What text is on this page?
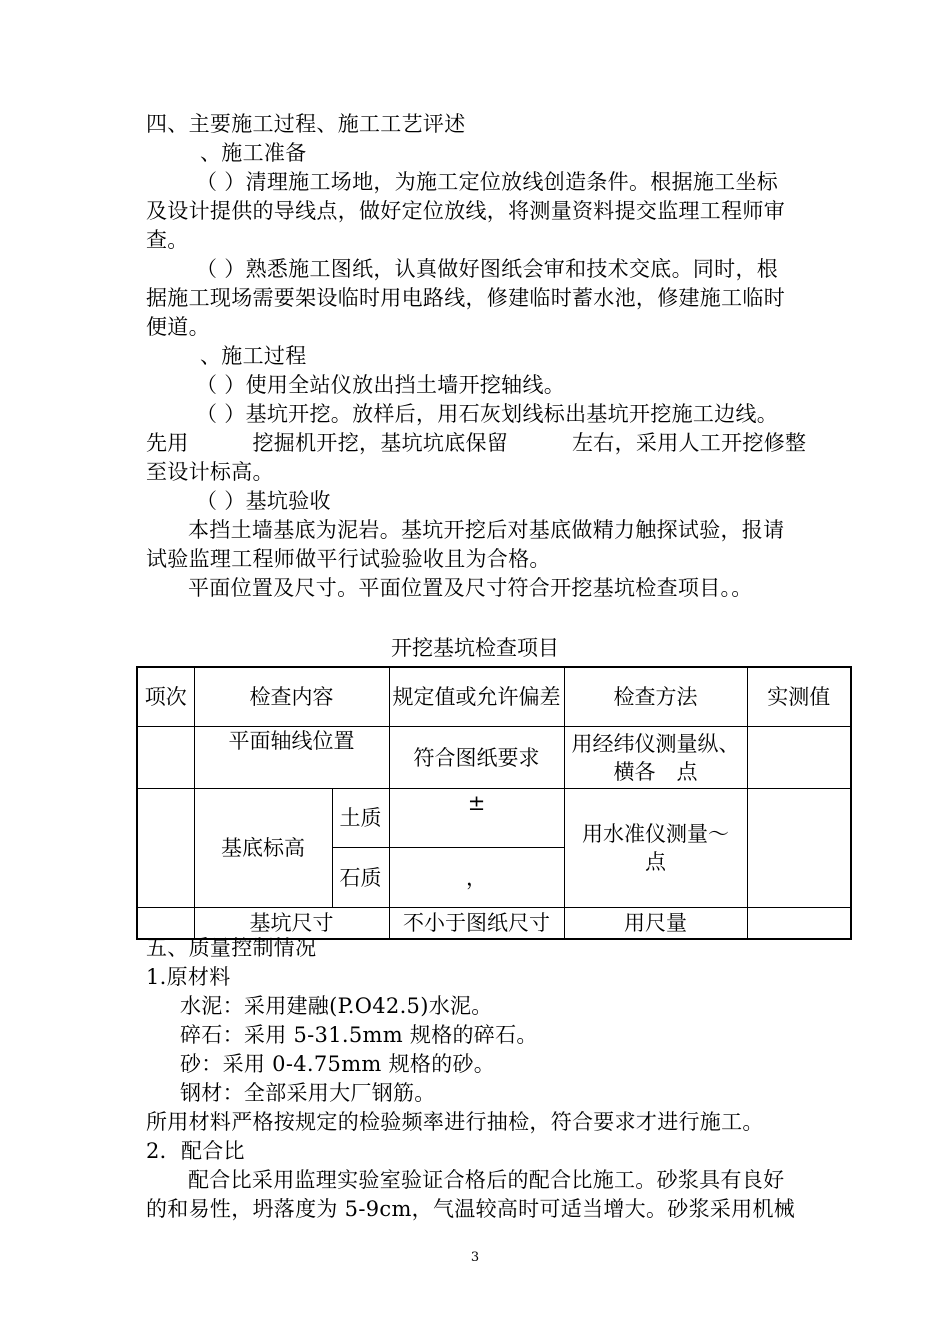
四、主要施工过程、施工工艺评述
、施工准备
（ ）清理施工场地，为施工定位放线创造条件。根据施工坐标
及设计提供的导线点，做好定位放线，将测量资料提交监理工程师审
查。
（ ）熟悉施工图纸，认真做好图纸会审和技术交底。同时，根
据施工现场需要架设临时用电路线，修建临时蓄水池，修建施工临时
便道。
、施工过程
（ ）使用全站仪放出挡土墙开挖轴线。
（ ）基坑开挖。放样后，用石灰划线标出基坑开挖施工边线。
先用　　　挖掘机开挖，基坑坑底保留　　　左右，采用人工开挖修整
至设计标高。
（ ）基坑验收
本挡土墙基底为泥岩。基坑开挖后对基底做精力触探试验，报请
试验监理工程师做平行试验验收且为合格。
平面位置及尺寸。平面位置及尺寸符合开挖基坑检查项目。。
开挖基坑检查项目
项次	检查内容		规定值或允许偏差	检查方法	实测值
	平面轴线位置		符合图纸要求	用经纬仪测量纵、横各　点	
	基底标高	土质	±	用水准仪测量～　点	
		石质	，		
	基坑尺寸		不小于图纸尺寸	用尺量	
五、质量控制情况
1.原材料
水泥：采用建融(P.O42.5)水泥。
碎石：采用 5-31.5mm 规格的碎石。
砂：采用 0-4.75mm 规格的砂。
钢材：全部采用大厂钢筋。
所用材料严格按规定的检验频率进行抽检，符合要求才进行施工。
2．配合比
配合比采用监理实验室验证合格后的配合比施工。砂浆具有良好
的和易性，坍落度为 5-9cm，气温较高时可适当增大。砂浆采用机械
3
